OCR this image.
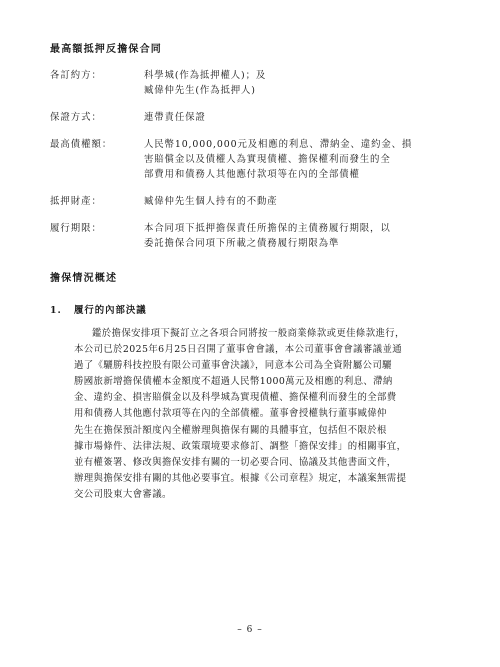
最高額抵押反擔保合同
各訂約方：	科學城(作為抵押權人)；及
臧偉仲先生(作為抵押人)
保證方式：	連帶責任保證
最高債權額：	人民幣10,000,000元及相應的利息、滯納金、違約金、損
害賠償金以及債權人為實現債權、擔保權利而發生的全
部費用和債務人其他應付款項等在內的全部債權
抵押財產：	臧偉仲先生個人持有的不動產
履行期限：	本合同項下抵押擔保責任所擔保的主債務履行期限，以
委託擔保合同項下所載之債務履行期限為準
擔保情況概述
1. 履行的內部決議
鑑於擔保安排項下擬訂立之各項合同將按一般商業條款或更佳條款進行，
本公司已於2025年6月25日召開了董事會會議，本公司董事會會議審議並通
過了《驪勝科技控股有限公司董事會決議》，同意本公司為全資附屬公司驪
勝國旅新增擔保債權本金額度不超過人民幣1000萬元及相應的利息、滯納
金、違約金、損害賠償金以及科學城為實現債權、擔保權利而發生的全部費
用和債務人其他應付款項等在內的全部債權。董事會授權執行董事臧偉仲
先生在擔保預計額度內全權辦理與擔保有關的具體事宜，包括但不限於根
據市場條件、法律法規、政策環境要求修訂、調整「擔保安排」的相關事宜，
並有權簽署、修改與擔保安排有關的一切必要合同、協議及其他書面文件，
辦理與擔保安排有關的其他必要事宜。根據《公司章程》規定，本議案無需提
交公司股東大會審議。
– 6 –
